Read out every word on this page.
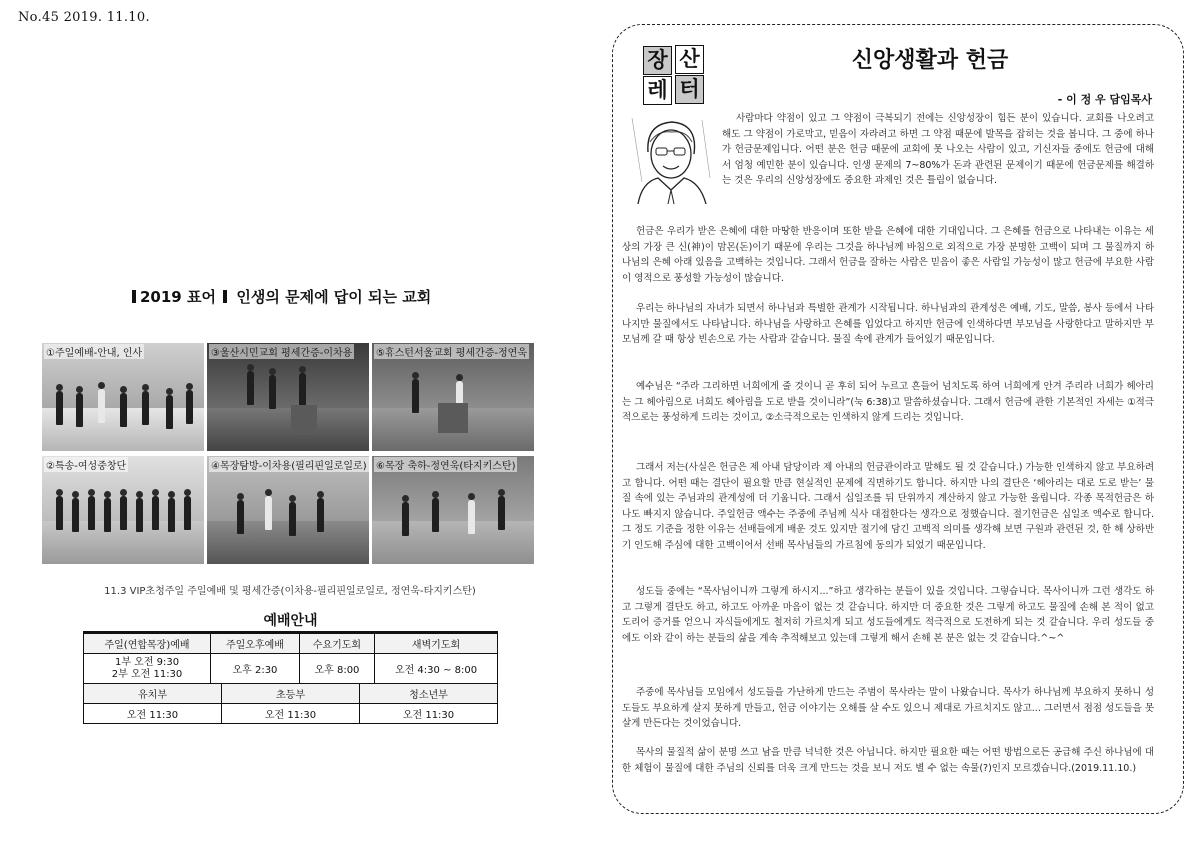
No.45 2019. 11.10.
2019 표어 인생의 문제에 답이 되는 교회
①주일예배-안내, 인사	③울산시민교회 평세간증-이차용 ⑤휴스턴서울교회 평세간증-정연욱
②특송-여성중창단	④목장탐방-이차용(필리핀일로일로) ⑥목장 축하-정연욱(타지키스탄)
11.3 VIP초청주일 주일예배 및 평세간증(이차용-필리핀일로일로, 정연욱-타지키스탄)
예배안내
주일(연합목장)예배	주일오후예배	수요기도회	새벽기도회

1부 오전 9:30
2부 오전 11:30	오후 2:30	오후 8:00	오전 4:30 ~ 8:00
유치부	초등부	청소년부
오전 11:30	오전 11:30	오전 11:30
장 산
레 터
신앙생활과 헌금
- 이 정 우 담임목사

사람마다 약점이 있고 그 약점이 극복되기 전에는 신앙성장이 힘든 분이 있습니다. 교회를 나오려고 해도 그 약점이 가로막고, 믿음이 자라려고 하면 그 약점 때문에 발목을 잡히는 것을 봅니다. 그 중에 하나가 헌금문제입니다. 어떤 분은 헌금 때문에 교회에 못 나오는 사람이 있고, 기신자들 중에도 헌금에 대해서 엄청 예민한 분이 있습니다. 인생 문제의 7~80%가 돈과 관련된 문제이기 때문에 헌금문제를 해결하는 것은 우리의 신앙성장에도 중요한 과제인 것은 틀림이 없습니다.

헌금은 우리가 받은 은혜에 대한 마땅한 반응이며 또한 받을 은혜에 대한 기대입니다. 그 은혜를 헌금으로 나타내는 이유는 세상의 가장 큰 신(神)이 맘몬(돈)이기 때문에 우리는 그것을 하나님께 바침으로 외적으로 가장 분명한 고백이 되며 그 물질까지 하나님의 은혜 아래 있음을 고백하는 것입니다. 그래서 헌금을 잘하는 사람은 믿음이 좋은 사람일 가능성이 많고 헌금에 부요한 사람이 영적으로 풍성할 가능성이 많습니다.

우리는 하나님의 자녀가 되면서 하나님과 특별한 관계가 시작됩니다. 하나님과의 관계성은 예배, 기도, 말씀, 봉사 등에서 나타나지만 물질에서도 나타납니다. 하나님을 사랑하고 은혜를 입었다고 하지만 헌금에 인색하다면 부모님을 사랑한다고 말하지만 부모님께 갈 때 항상 빈손으로 가는 사람과 같습니다. 물질 속에 관계가 들어있기 때문입니다.

예수님은 “주라 그리하면 너희에게 줄 것이니 곧 후히 되어 누르고 흔들어 넘치도록 하여 너희에게 안겨 주리라 너희가 헤아리는 그 헤아림으로 너희도 헤아림을 도로 받을 것이니라”(눅 6:38)고 말씀하셨습니다. 그래서 헌금에 관한 기본적인 자세는 ①적극적으로는 풍성하게 드리는 것이고, ②소극적으로는 인색하지 않게 드리는 것입니다.

그래서 저는(사실은 헌금은 제 아내 담당이라 제 아내의 헌금관이라고 말해도 될 것 같습니다.) 가능한 인색하지 않고 부요하려고 합니다. 어떤 때는 결단이 필요할 만큼 현실적인 문제에 직면하기도 합니다. 하지만 나의 결단은 ‘헤아리는 대로 도로 받는’ 물질 속에 있는 주님과의 관계성에 더 기웁니다. 그래서 십일조를 뒤 단위까지 계산하지 않고 가능한 올립니다. 각종 목적헌금은 하나도 빠지지 않습니다. 주일헌금 액수는 주중에 주님께 식사 대접한다는 생각으로 정했습니다. 절기헌금은 십일조 액수로 합니다. 그 정도 기준을 정한 이유는 선배들에게 배운 것도 있지만 절기에 담긴 고백적 의미를 생각해 보면 구원과 관련된 것, 한 해 상하반기 인도해 주심에 대한 고백이어서 선배 목사님들의 가르침에 동의가 되었기 때문입니다.

성도들 중에는 “목사님이니까 그렇게 하시지...”하고 생각하는 분들이 있을 것입니다. 그렇습니다. 목사이니까 그런 생각도 하고 그렇게 결단도 하고, 하고도 아까운 마음이 없는 것 같습니다. 하지만 더 중요한 것은 그렇게 하고도 물질에 손해 본 적이 없고 도리어 증거를 얻으니 자식들에게도 철저히 가르치게 되고 성도들에게도 적극적으로 도전하게 되는 것 같습니다. 우리 성도들 중에도 이와 같이 하는 분들의 삶을 계속 추적해보고 있는데 그렇게 해서 손해 본 분은 없는 것 같습니다.^~^

주중에 목사님들 모임에서 성도들을 가난하게 만드는 주범이 목사라는 말이 나왔습니다. 목사가 하나님께 부요하지 못하니 성도들도 부요하게 살지 못하게 만들고, 헌금 이야기는 오해를 살 수도 있으니 제대로 가르치지도 않고... 그러면서 점점 성도들을 못 살게 만든다는 것이었습니다.

목사의 물질적 삶이 분명 쓰고 남을 만큼 넉넉한 것은 아닙니다. 하지만 필요한 때는 어떤 방법으로든 공급해 주신 하나님에 대한 체험이 물질에 대한 주님의 신뢰를 더욱 크게 만드는 것을 보니 저도 별 수 없는 속물(?)인지 모르겠습니다.(2019.11.10.)
